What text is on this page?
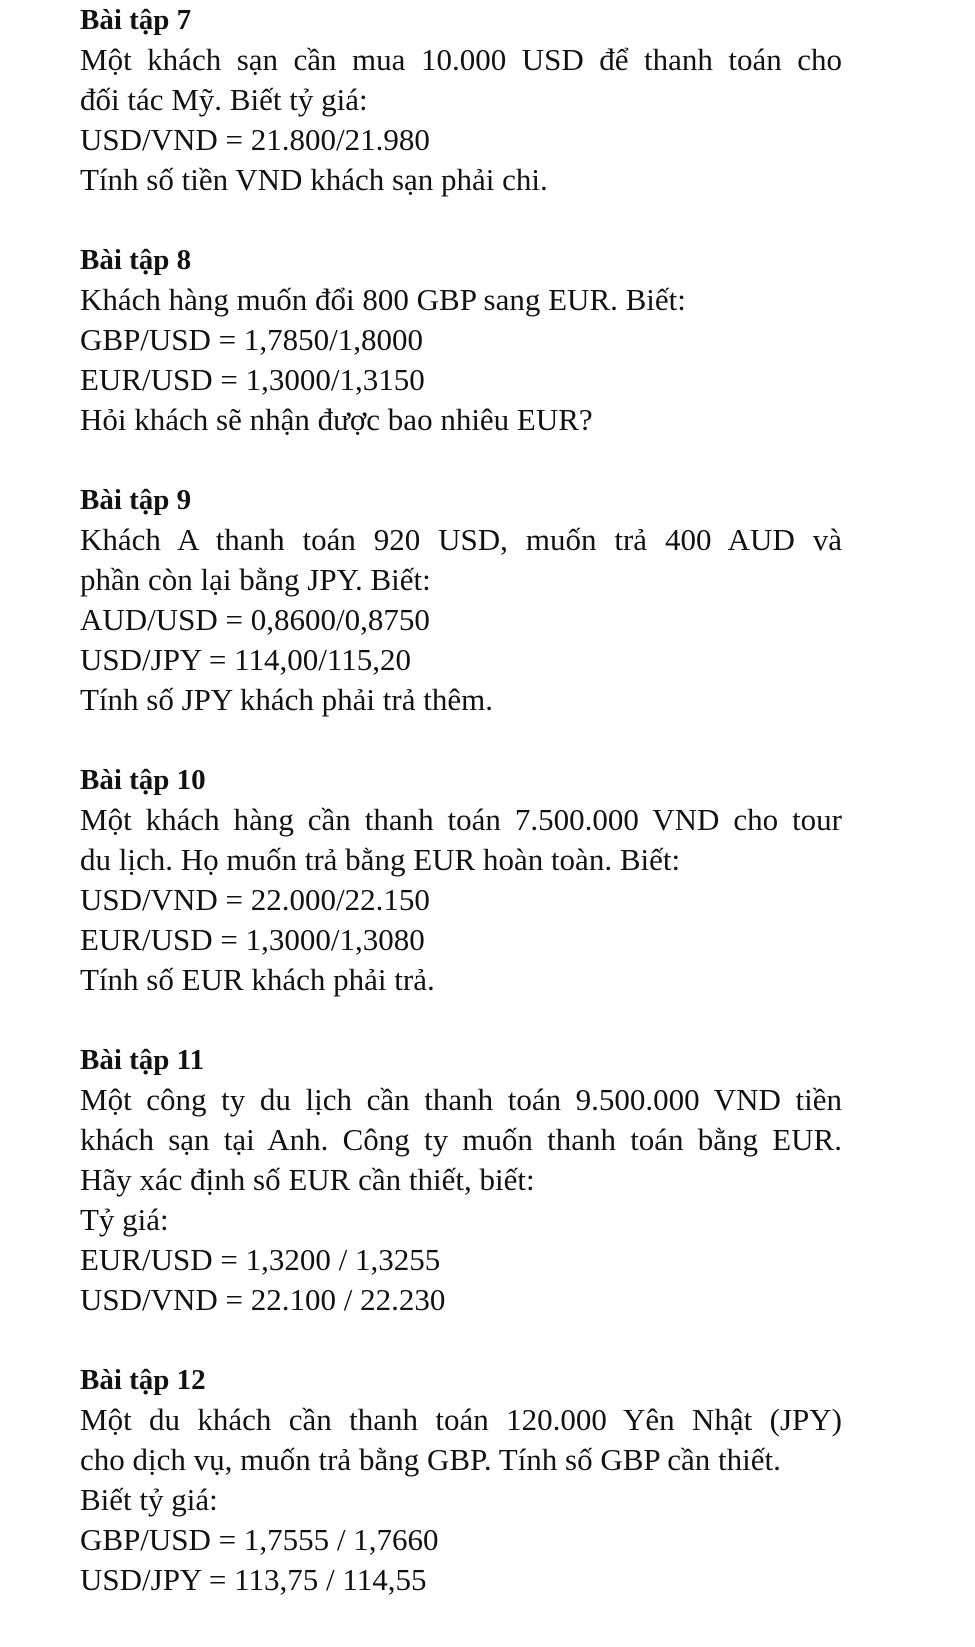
Bài tập 7
Một khách sạn cần mua 10.000 USD để thanh toán cho
đối tác Mỹ. Biết tỷ giá:
USD/VND = 21.800/21.980
Tính số tiền VND khách sạn phải chi.
Bài tập 8
Khách hàng muốn đổi 800 GBP sang EUR. Biết:
GBP/USD = 1,7850/1,8000
EUR/USD = 1,3000/1,3150
Hỏi khách sẽ nhận được bao nhiêu EUR?
Bài tập 9
Khách A thanh toán 920 USD, muốn trả 400 AUD và
phần còn lại bằng JPY. Biết:
AUD/USD = 0,8600/0,8750
USD/JPY = 114,00/115,20
Tính số JPY khách phải trả thêm.
Bài tập 10
Một khách hàng cần thanh toán 7.500.000 VND cho tour
du lịch. Họ muốn trả bằng EUR hoàn toàn. Biết:
USD/VND = 22.000/22.150
EUR/USD = 1,3000/1,3080
Tính số EUR khách phải trả.
Bài tập 11
Một công ty du lịch cần thanh toán 9.500.000 VND tiền
khách sạn tại Anh. Công ty muốn thanh toán bằng EUR.
Hãy xác định số EUR cần thiết, biết:
Tỷ giá:
EUR/USD = 1,3200 / 1,3255
USD/VND = 22.100 / 22.230
Bài tập 12
Một du khách cần thanh toán 120.000 Yên Nhật (JPY)
cho dịch vụ, muốn trả bằng GBP. Tính số GBP cần thiết.
Biết tỷ giá:
GBP/USD = 1,7555 / 1,7660
USD/JPY = 113,75 / 114,55
